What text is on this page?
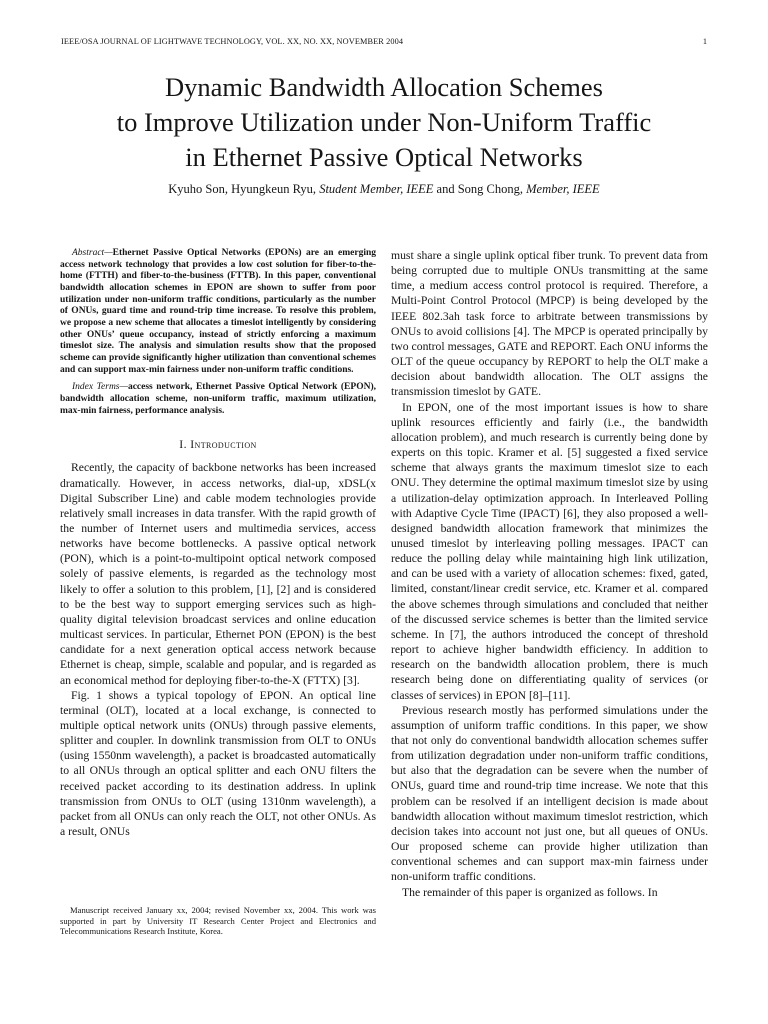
IEEE/OSA JOURNAL OF LIGHTWAVE TECHNOLOGY, VOL. XX, NO. XX, NOVEMBER 2004	1
Dynamic Bandwidth Allocation Schemes
to Improve Utilization under Non-Uniform Traffic
in Ethernet Passive Optical Networks
Kyuho Son, Hyungkeun Ryu, Student Member, IEEE and Song Chong, Member, IEEE

Abstract—Ethernet Passive Optical Networks (EPONs) are an emerging access network technology that provides a low cost solution for fiber-to-the-home (FTTH) and fiber-to-the-business (FTTB). In this paper, conventional bandwidth allocation schemes in EPON are shown to suffer from poor utilization under non-uniform traffic conditions, particularly as the number of ONUs, guard time and round-trip time increase. To resolve this problem, we propose a new scheme that allocates a timeslot intelligently by considering other ONUs’ queue occupancy, instead of strictly enforcing a maximum timeslot size. The analysis and simulation results show that the proposed scheme can provide significantly higher utilization than conventional schemes and can support max-min fairness under non-uniform traffic conditions.

Index Terms—access network, Ethernet Passive Optical Network (EPON), bandwidth allocation scheme, non-uniform traffic, maximum utilization, max-min fairness, performance analysis.

I. Introduction

Recently, the capacity of backbone networks has been increased dramatically. However, in access networks, dial-up, xDSL(x Digital Subscriber Line) and cable modem technologies provide relatively small increases in data transfer. With the rapid growth of the number of Internet users and multimedia services, access networks have become bottlenecks. A passive optical network (PON), which is a point-to-multipoint optical network composed solely of passive elements, is regarded as the technology most likely to offer a solution to this problem, [1], [2] and is considered to be the best way to support emerging services such as high-quality digital television broadcast services and online education multicast services. In particular, Ethernet PON (EPON) is the best candidate for a next generation optical access network because Ethernet is cheap, simple, scalable and popular, and is regarded as an economical method for deploying fiber-to-the-X (FTTX) [3].

Fig. 1 shows a typical topology of EPON. An optical line terminal (OLT), located at a local exchange, is connected to multiple optical network units (ONUs) through passive elements, splitter and coupler. In downlink transmission from OLT to ONUs (using 1550nm wavelength), a packet is broadcasted automatically to all ONUs through an optical splitter and each ONU filters the received packet according to its destination address. In uplink transmission from ONUs to OLT (using 1310nm wavelength), a packet from all ONUs can only reach the OLT, not other ONUs. As a result, ONUs

Manuscript received January xx, 2004; revised November xx, 2004. This work was supported in part by University IT Research Center Project and Electronics and Telecommunications Research Institute, Korea.

must share a single uplink optical fiber trunk. To prevent data from being corrupted due to multiple ONUs transmitting at the same time, a medium access control protocol is required. Therefore, a Multi-Point Control Protocol (MPCP) is being developed by the IEEE 802.3ah task force to arbitrate between transmissions by ONUs to avoid collisions [4]. The MPCP is operated principally by two control messages, GATE and REPORT. Each ONU informs the OLT of the queue occupancy by REPORT to help the OLT make a decision about bandwidth allocation. The OLT assigns the transmission timeslot by GATE.

In EPON, one of the most important issues is how to share uplink resources efficiently and fairly (i.e., the bandwidth allocation problem), and much research is currently being done by experts on this topic. Kramer et al. [5] suggested a fixed service scheme that always grants the maximum timeslot size to each ONU. They determine the optimal maximum timeslot size by using a utilization-delay optimization approach. In Interleaved Polling with Adaptive Cycle Time (IPACT) [6], they also proposed a well-designed bandwidth allocation framework that minimizes the unused timeslot by interleaving polling messages. IPACT can reduce the polling delay while maintaining high link utilization, and can be used with a variety of allocation schemes: fixed, gated, limited, constant/linear credit service, etc. Kramer et al. compared the above schemes through simulations and concluded that neither of the discussed service schemes is better than the limited service scheme. In [7], the authors introduced the concept of threshold report to achieve higher bandwidth efficiency. In addition to research on the bandwidth allocation problem, there is much research being done on differentiating quality of services (or classes of services) in EPON [8]–[11].

Previous research mostly has performed simulations under the assumption of uniform traffic conditions. In this paper, we show that not only do conventional bandwidth allocation schemes suffer from utilization degradation under non-uniform traffic conditions, but also that the degradation can be severe when the number of ONUs, guard time and round-trip time increase. We note that this problem can be resolved if an intelligent decision is made about bandwidth allocation without maximum timeslot restriction, which decision takes into account not just one, but all queues of ONUs. Our proposed scheme can provide higher utilization than conventional schemes and can support max-min fairness under non-uniform traffic conditions.

The remainder of this paper is organized as follows. In
